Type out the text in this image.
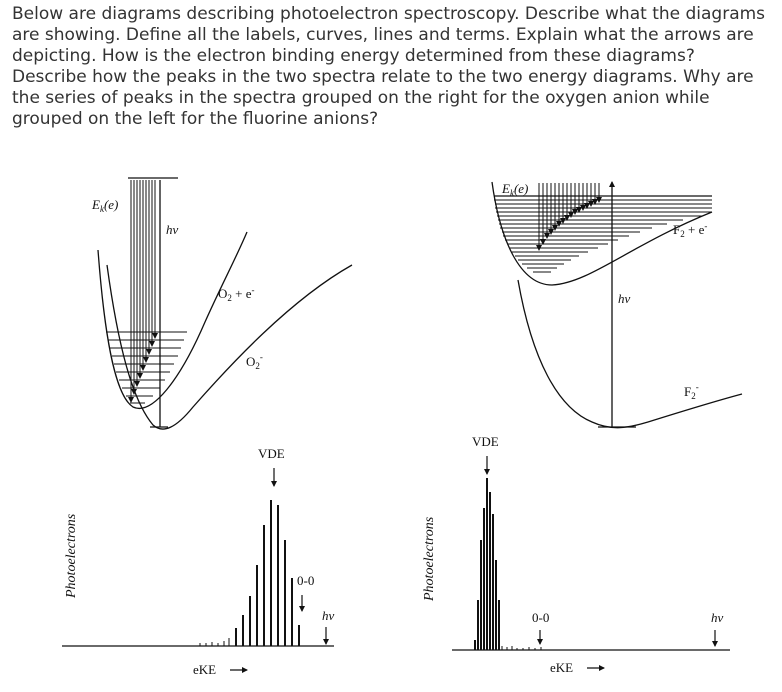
Below are diagrams describing photoelectron spectroscopy. Describe what the diagrams are showing. Define all the labels, curves, lines and terms. Explain what the arrows are depicting. How is the electron binding energy determined from these diagrams? Describe how the peaks in the two spectra relate to the two energy diagrams. Why are the series of peaks in the spectra grouped on the right for the oxygen anion while grouped on the left for the fluorine anions?

$E_k(e)$
hv
$O_2 + e^-$
$O_2^-$
$E_k(e)$
hv
$F_2 + e^-$
$F_2^-$
VDE
0-0
hv
eKE
Photoelectrons
VDE
0-0	hv
eKE
Photoelectrons
